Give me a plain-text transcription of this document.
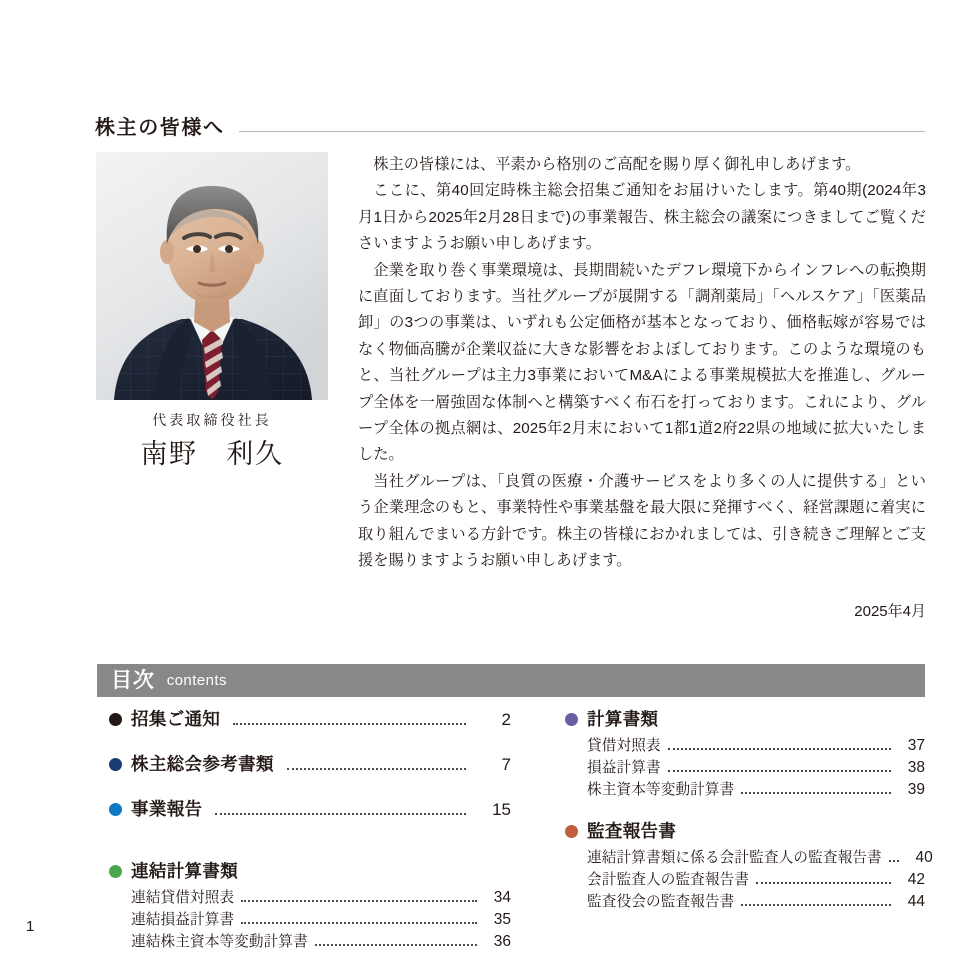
株主の皆様へ
代表取締役社長
南野　利久

株主の皆様には、平素から格別のご高配を賜り厚く御礼申しあげます。

ここに、第40回定時株主総会招集ご通知をお届けいたします。第40期(2024年3月1日から2025年2月28日まで)の事業報告、株主総会の議案につきましてご覧くださいますようお願い申しあげます。

企業を取り巻く事業環境は、長期間続いたデフレ環境下からインフレへの転換期に直面しております。当社グループが展開する「調剤薬局」「ヘルスケア」「医薬品卸」の3つの事業は、いずれも公定価格が基本となっており、価格転嫁が容易ではなく物価高騰が企業収益に大きな影響をおよぼしております。このような環境のもと、当社グループは主力3事業においてM&Aによる事業規模拡大を推進し、グループ全体を一層強固な体制へと構築すべく布石を打っております。これにより、グループ全体の拠点網は、2025年2月末において1都1道2府22県の地域に拡大いたしました。

当社グループは、「良質の医療・介護サービスをより多くの人に提供する」という企業理念のもと、事業特性や事業基盤を最大限に発揮すべく、経営課題に着実に取り組んでまいる方針です。株主の皆様におかれましては、引き続きご理解とご支援を賜りますようお願い申しあげます。

2025年4月
目次 contents
招集ご通知	2
株主総会参考書類	7
事業報告	15
連結計算書類
連結貸借対照表	34
連結損益計算書	35
連結株主資本等変動計算書	36
計算書類
貸借対照表	37
損益計算書	38
株主資本等変動計算書	39
監査報告書
連結計算書類に係る会計監査人の監査報告書	40
会計監査人の監査報告書	42
監査役会の監査報告書	44
1
